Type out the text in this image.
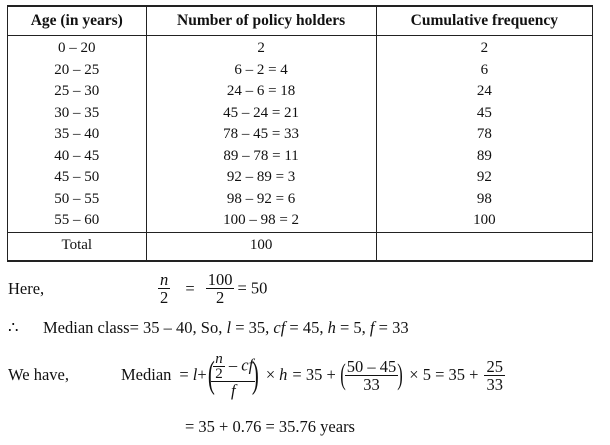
Age (in years)	Number of policy holders	Cumulative frequency
0 – 20	2	2
20 – 25	6 – 2 = 4	6
25 – 30	24 – 6 = 18	24
30 – 35	45 – 24 = 21	45
35 – 40	78 – 45 = 33	78
40 – 45	89 – 78 = 11	89
45 – 50	92 – 89 = 3	92
50 – 55	98 – 92 = 6	98
55 – 60	100 – 98 = 2	100
Total	100	
Here,	$\frac{n}{2} = \frac{100}{2} = 50$
∴ Median class= 35 – 40, So, l = 35, cf = 45, h = 5, f = 33
We have,	Median = l + (
$\frac{\frac{n}{2} - cf}{f}$
) × h = 35 + ( $\frac{50 - 45}{33}$ ) × $5 = 35 + \frac{25}{33}$
= 35 + 0.76 = 35.76 years
